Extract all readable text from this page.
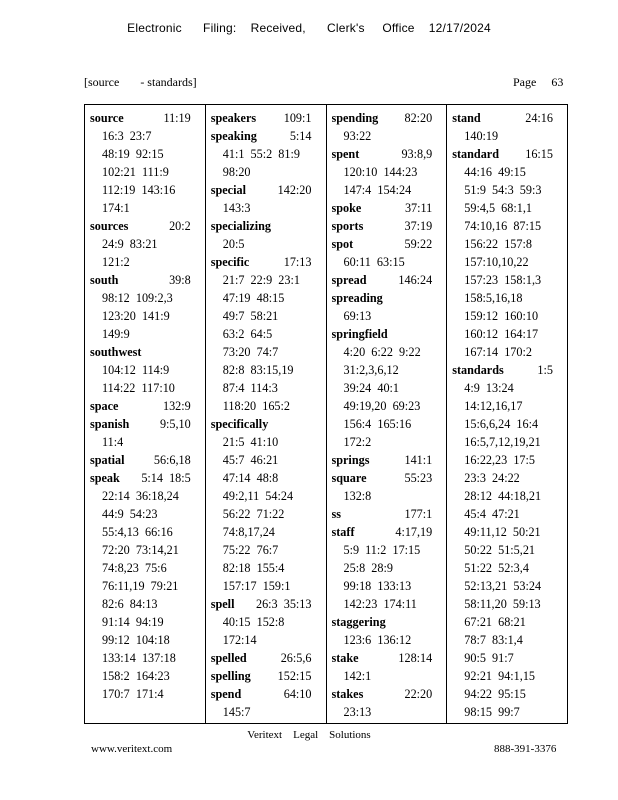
Electronic      Filing:    Received,      Clerk's     Office    12/17/2024
[source       - standards]	Page     63
source	11:19
16:3  23:7
48:19  92:15
102:21  111:9
112:19  143:16
174:1
sources	20:2
24:9  83:21
121:2
south	39:8
98:12  109:2,3
123:20  141:9
149:9
southwest
104:12  114:9
114:22  117:10
space	132:9
spanish	9:5,10
11:4
spatial 56:6,18
speak 5:14  18:5
22:14  36:18,24
44:9  54:23
55:4,13  66:16
72:20  73:14,21
74:8,23  75:6
76:11,19  79:21
82:6  84:13
91:14  94:19
99:12  104:18
133:14  137:18
158:2  164:23
170:7  171:4
speakers 109:1
speaking	5:14
41:1  55:2  81:9
98:20
special	142:20
143:3
specializing
20:5
specific	17:13
21:7  22:9  23:1
47:19  48:15
49:7  58:21
63:2  64:5
73:20  74:7
82:8  83:15,19
87:4  114:3
118:20  165:2
specifically
21:5  41:10
45:7  46:21
47:14  48:8
49:2,11  54:24
56:22  71:22
74:8,17,24
75:22  76:7
82:18  155:4
157:17  159:1
spell 26:3  35:13
40:15  152:8
172:14
spelled	26:5,6
spelling 152:15
spend	64:10
145:7
spending 82:20
93:22
spent	93:8,9
120:10  144:23
147:4  154:24
spoke	37:11
sports	37:19
spot	59:22
60:11  63:15
spread	146:24
spreading
69:13
springfield
4:20  6:22  9:22
31:2,3,6,12
39:24  40:1
49:19,20  69:23
156:4  165:16
172:2
springs	141:1
square	55:23
132:8
ss	177:1
staff	4:17,19
5:9  11:2  17:15
25:8  28:9
99:18  133:13
142:23  174:11
staggering
123:6  136:12
stake	128:14
142:1
stakes	22:20
23:13
stand	24:16
140:19
standard 16:15
44:16  49:15
51:9  54:3  59:3
59:4,5  68:1,1
74:10,16  87:15
156:22  157:8
157:10,10,22
157:23  158:1,3
158:5,16,18
159:12  160:10
160:12  164:17
167:14  170:2
standards	1:5
4:9  13:24
14:12,16,17
15:6,6,24  16:4
16:5,7,12,19,21
16:22,23  17:5
23:3  24:22
28:12  44:18,21
45:4  47:21
49:11,12  50:21
50:22  51:5,21
51:22  52:3,4
52:13,21  53:24
58:11,20  59:13
67:21  68:21
78:7  83:1,4
90:5  91:7
92:21  94:1,15
94:22  95:15
98:15  99:7
Veritext    Legal    Solutions
www.veritext.com	888-391-3376
